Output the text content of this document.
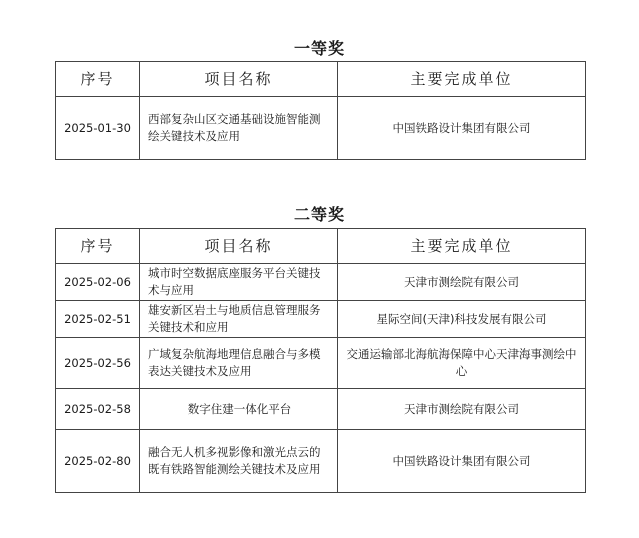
一等奖
序号	项目名称	主要完成单位
2025-01-30	西部复杂山区交通基础设施智能测绘关键技术及应用	中国铁路设计集团有限公司
二等奖
序号	项目名称	主要完成单位
2025-02-06	城市时空数据底座服务平台关键技术与应用	天津市测绘院有限公司
2025-02-51	雄安新区岩土与地质信息管理服务关键技术和应用	星际空间(天津)科技发展有限公司
2025-02-56	广域复杂航海地理信息融合与多模表达关键技术及应用	交通运输部北海航海保障中心天津海事测绘中心
2025-02-58	数字住建一体化平台	天津市测绘院有限公司
2025-02-80	融合无人机多视影像和激光点云的既有铁路智能测绘关键技术及应用	中国铁路设计集团有限公司
